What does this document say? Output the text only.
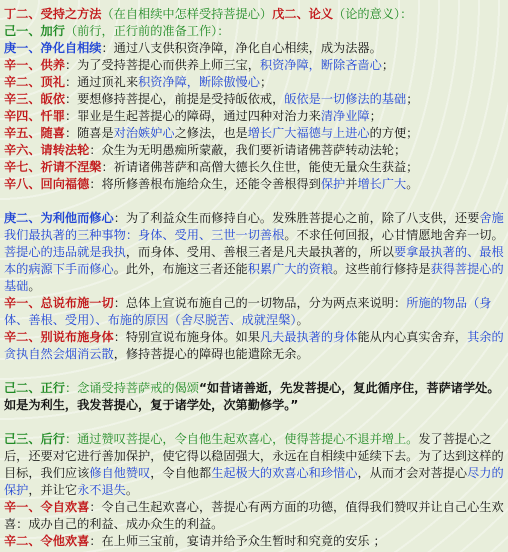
丁二、受持之方法（在自相续中怎样受持菩提心）戊二、论义（论的意义）：
己一、加行（前行，正行前的准备工作）：
庚一、净化自相续：通过八支供积资净障，净化自心相续，成为法器。
辛一、供养：为了受持菩提心而供养上师三宝，积资净障，断除吝啬心；
辛二、顶礼：通过顶礼来积资净障，断除傲慢心；
辛三、皈依：要想修持菩提心，前提是受持皈依戒，皈依是一切修法的基础；
辛四、忏罪：罪业是生起菩提心的障碍，通过四种对治力来清净业障；
辛五、随喜：随喜是对治嫉妒心之修法，也是增长广大福德与上进心的方便；
辛六、请转法轮：众生为无明愚痴所蒙蔽，我们要祈请诸佛菩萨转动法轮；
辛七、祈请不涅槃：祈请诸佛菩萨和高僧大德长久住世，能使无量众生获益；
辛八、回向福德：将所修善根布施给众生，还能令善根得到保护并增长广大。
庚二、为利他而修心：为了利益众生而修持自心。发殊胜菩提心之前，除了八支供，还要舍施我们最执著的三种事物：身体、受用、三世一切善根。不求任何回报，心甘情愿地舍弃一切。菩提心的违品就是我执，而身体、受用、善根三者是凡夫最执著的，所以要拿最执著的、最根本的病源下手而修心。此外，布施这三者还能积累广大的资粮。这些前行修持是获得菩提心的基础。
辛一、总说布施一切：总体上宣说布施自己的一切物品，分为两点来说明：所施的物品（身体、善根、受用）、布施的原因（舍尽脱苦、成就涅槃）。
辛二、别说布施身体：特别宣说布施身体。如果凡夫最执著的身体能从内心真实舍弃，其余的贪执自然会烟消云散，修持菩提心的障碍也能遣除无余。
己二、正行：念诵受持菩萨戒的偈颂“如昔诸善逝，先发菩提心，复此循序住，菩萨诸学处。如是为利生，我发菩提心，复于诸学处，次第勤修学。”
己三、后行：通过赞叹菩提心，令自他生起欢喜心，使得菩提心不退并增上。发了菩提心之后，还要对它进行善加保护，使它得以稳固强大，永远在自相续中延续下去。为了达到这样的目标，我们应该修自他赞叹，令自他都生起极大的欢喜心和珍惜心，从而才会对菩提心尽力的保护，并让它永不退失。
辛一、令自欢喜：令自己生起欢喜心，菩提心有两方面的功德，值得我们赞叹并让自己心生欢喜：成办自己的利益、成办众生的利益。
辛二、令他欢喜：在上师三宝前，宴请并给予众生暂时和究竟的安乐 ；
